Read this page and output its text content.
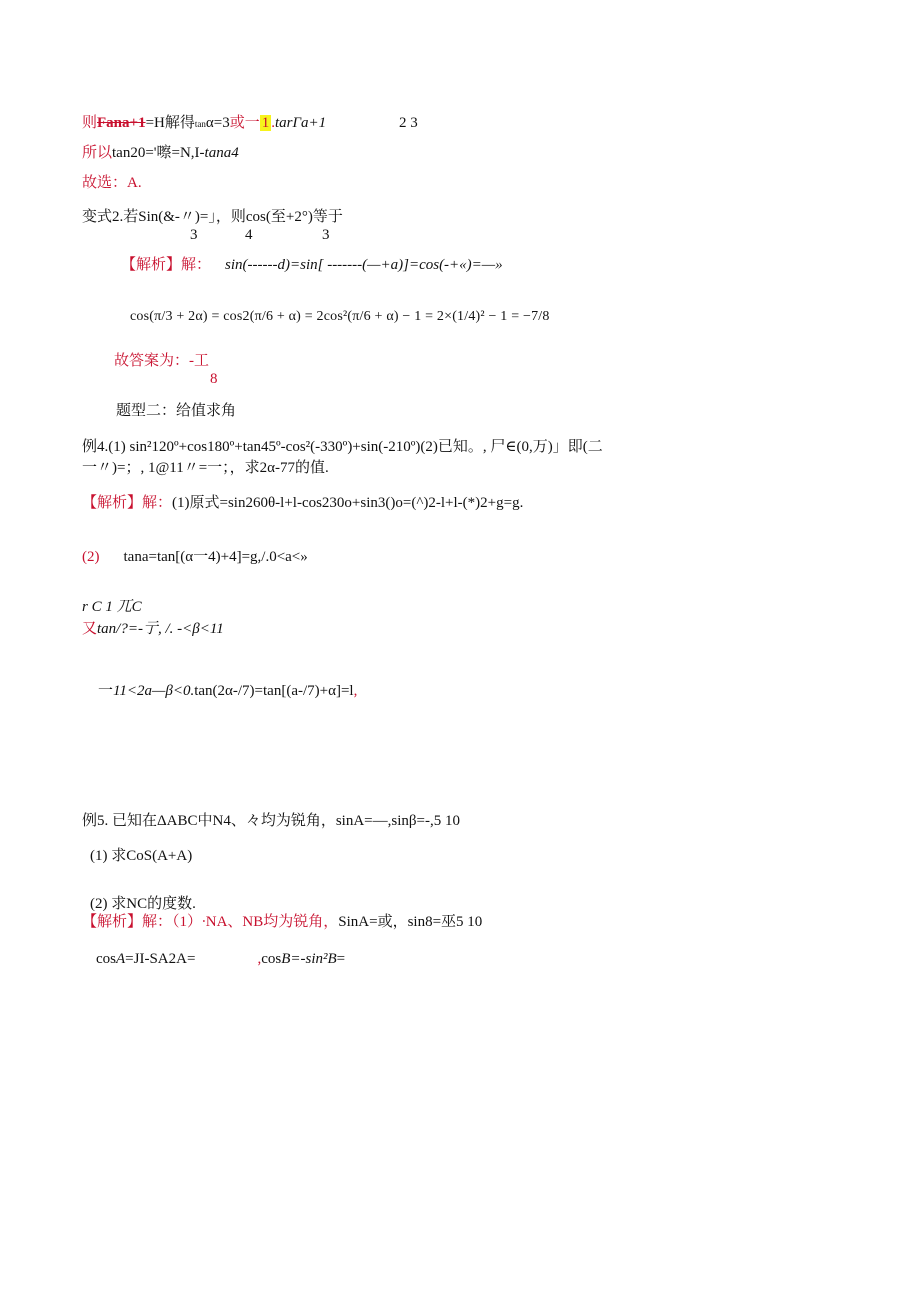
则Fana+1=H解得tanα=3或一 1 .tarΓa+1	2 3
所以tan20='嚓=N,I-tana4
故选：A.
变式2.若Sin(&-〃)=」，则cos(至+2°)等于
3	4	3
【解析】解： sin(------d)=sin[ -------(—+a)]=cos(-+«)=—»
cos(π/3 + 2α) = cos2(π/6 + α) = 2cos²(π/6 + α) − 1 = 2×(1/4)² − 1 = −7/8
故答案为：-工
8
题型二：给值求角
例4.(1) sin²120º+cos180º+tan45º-cos²(-330º)+sin(-210º)(2)已知。, 尸∈(0,万)」即(二
一〃)=；, 1@11〃=一；，求2α-77的值.
【解析】解：(1)原式=sin260θ-l+l-cos230o+sin3()o=(^)2-l+l-(*)2+g=g.
(2) tana=tan[(α一4)+4]=g,/.0<a<»
r C 1 兀C
又tan/?=-亍, /. -<β<11
一11<2a—β<0.tan(2α-/7)=tan[(a-/7)+α]=l,
例5. 已知在ΔABC中N4、々均为锐角，sinA=—,sinβ=-,5 10
(1) 求CoS(A+A)
(2) 求NC的度数.
【解析】解：（1）∙NA、NB均为锐角，SinA=或，sin8=巫5 10
cosA=JI-SA2A=	,cosB=-sin²B=
